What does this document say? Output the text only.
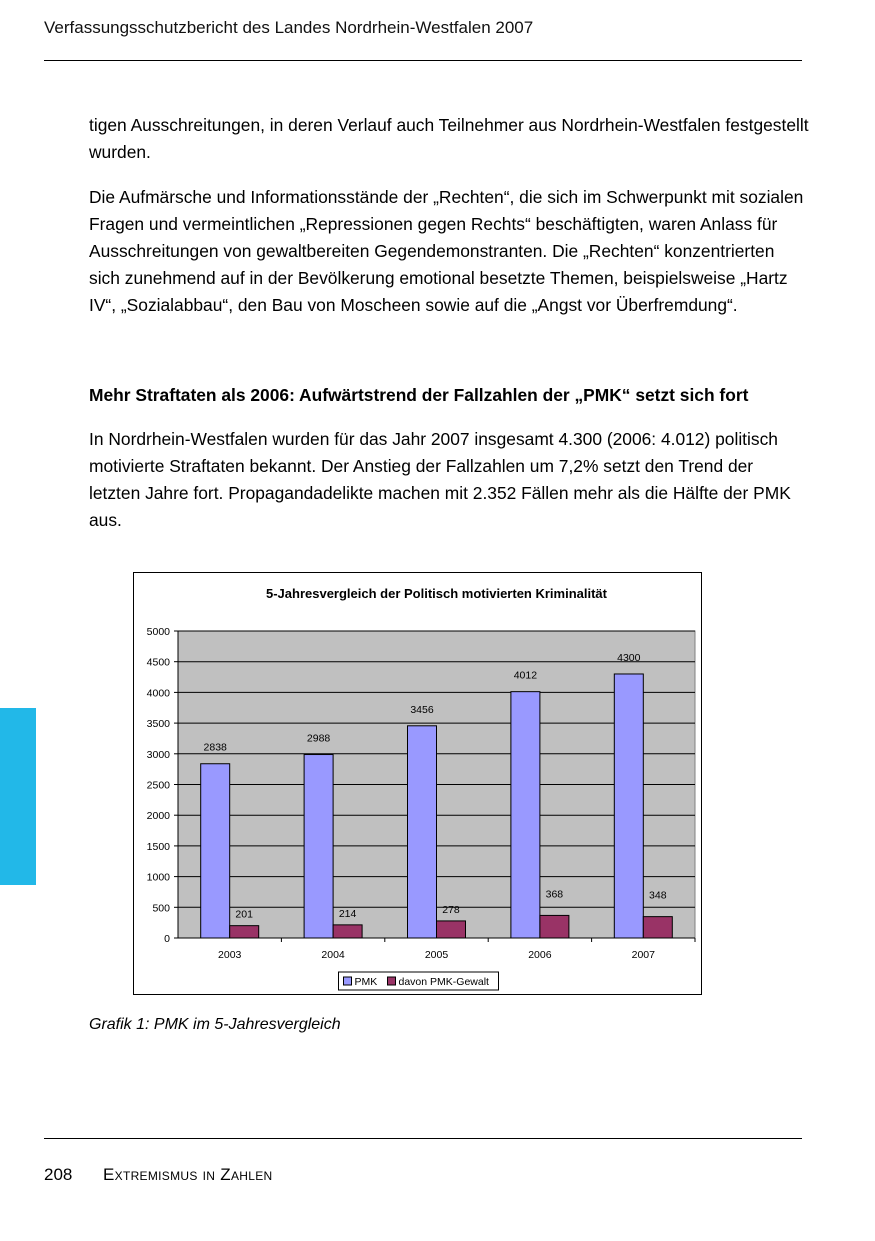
Verfassungsschutzbericht des Landes Nordrhein-Westfalen 2007
tigen Ausschreitungen, in deren Verlauf auch Teilnehmer aus Nordrhein-Westfalen festgestellt wurden.
Die Aufmärsche und Informationsstände der „Rechten“, die sich im Schwerpunkt mit sozialen Fragen und vermeintlichen „Repressionen gegen Rechts“ beschäftigten, waren Anlass für Ausschreitungen von gewaltbereiten Gegendemonstranten. Die „Rechten“ konzentrierten sich zunehmend auf in der Bevölkerung emotional besetzte Themen, beispielsweise „Hartz IV“, „Sozialabbau“, den Bau von Moscheen sowie auf die „Angst vor Überfremdung“.
Mehr Straftaten als 2006: Aufwärtstrend der Fallzahlen der „PMK“ setzt sich fort
In Nordrhein-Westfalen wurden für das Jahr 2007 insgesamt 4.300 (2006: 4.012) politisch motivierte Straftaten bekannt. Der Anstieg der Fallzahlen um 7,2% setzt den Trend der letzten Jahre fort. Propagandadelikte machen mit 2.352 Fällen mehr als die Hälfte der PMK aus.
5-Jahresvergleich der Politisch motivierten Kriminalität
0
500
1000
1500
2000
2500
3000
3500
4000
4500
5000
2003
2838
201
2004
2988
214
2005
3456
278
2006
4012
368
2007
4300
348
PMK davon PMK-Gewalt
Grafik 1: PMK im 5-Jahresvergleich
208 Extremismus in Zahlen
